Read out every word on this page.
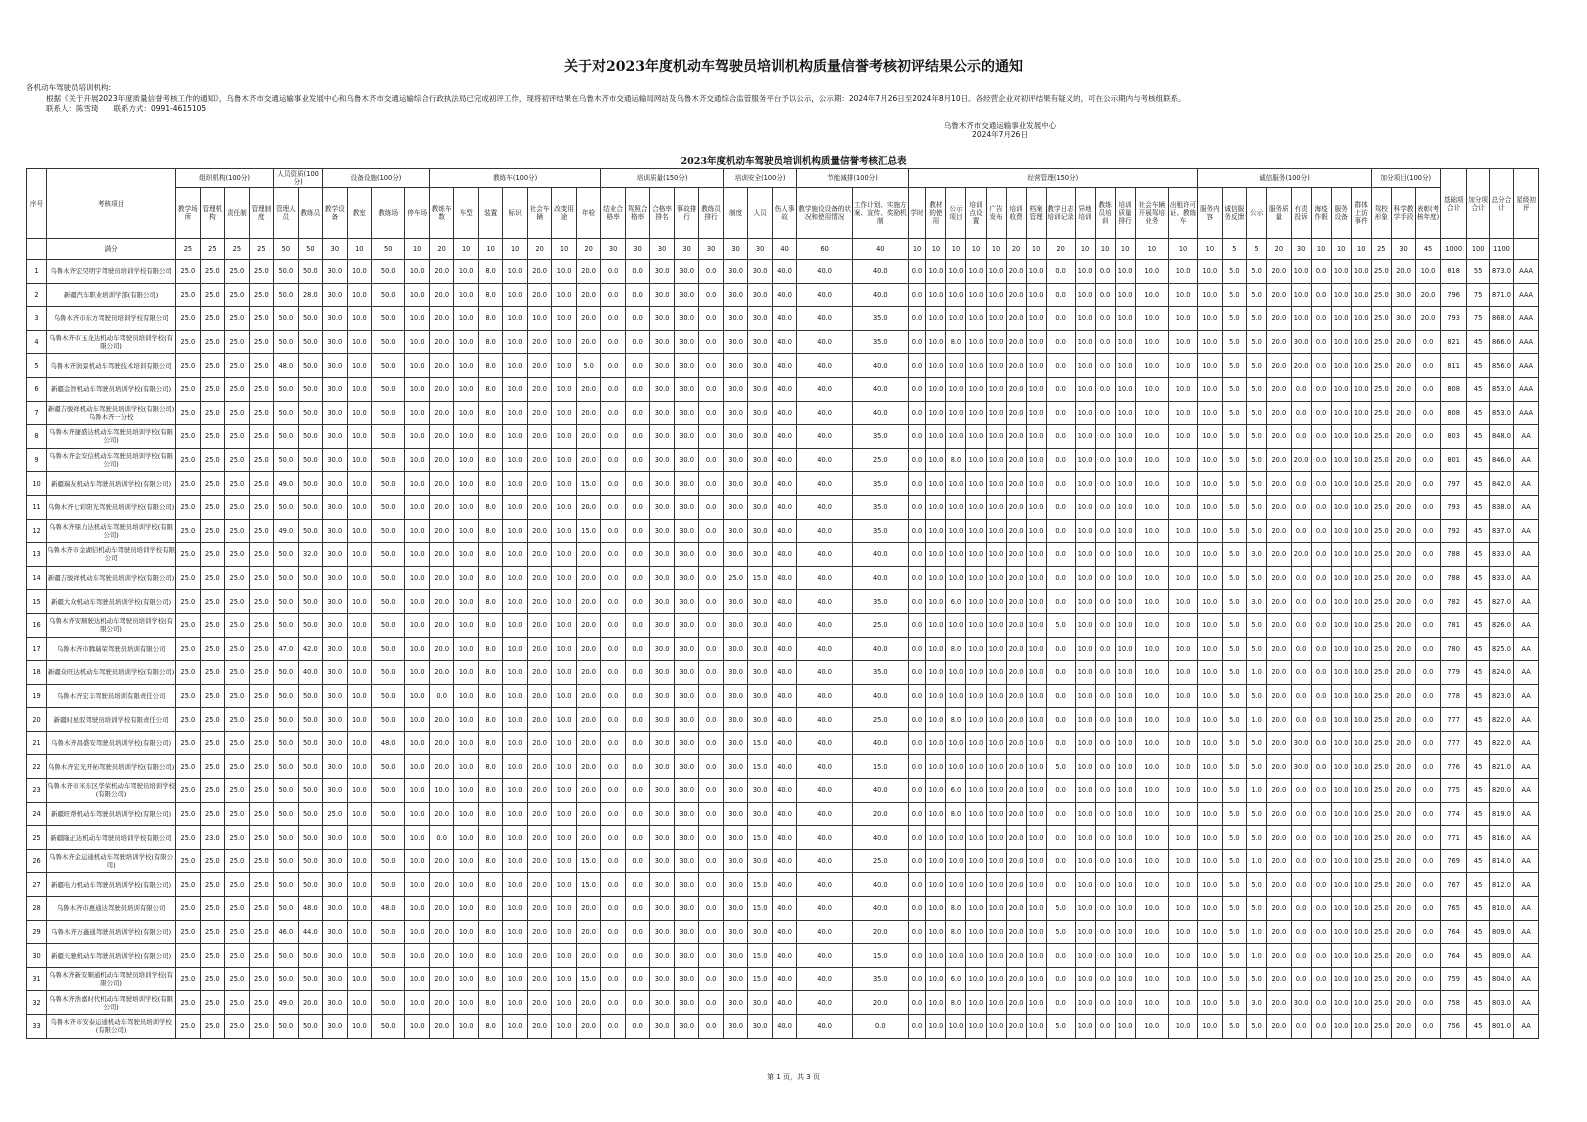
关于对2023年度机动车驾驶员培训机构质量信誉考核初评结果公示的通知
各机动车驾驶员培训机构:
根据《关于开展2023年度质量信誉考核工作的通知》，乌鲁木齐市交通运输事业发展中心和乌鲁木齐市交通运输综合行政执法局已完成初评工作，现将初评结果在乌鲁木齐市交通运输局网站及乌鲁木齐交通综合监管服务平台予以公示，公示期：2024年7月26日至2024年8月10日。各经营企业对初评结果有疑义的，可在公示期内与考核组联系。
联系人：陈雪琦　　联系方式：0991-4615105
乌鲁木齐市交通运输事业发展中心
2024年7月26日
2023年度机动车驾驶员培训机构质量信誉考核汇总表
序号	考核项目	组织机构(100分)				人员资质(100分)		设备设施(100分)				教练车(100分)							培训质量(150分)					培训安全(100分)			节能减排(100分)		经营管理(150分)													诚信服务(100分)								加分项目(100分)			基础项合计	加分项合计	总分合计	星级初评
		教学场所	管理机构	责任制	管理制度	管理人员	教练员	教学设备	教室	教练场	停车场	教练车数	车型	装置	标识	社会车辆	改变用途	年检	结业合格率	驾照合格率	合格率排名	事故排行	教练员排行	制度	人员	伤人事故	教学施设设备的状况和使用情况	工作计划、实施方案、宣传、奖励机制	学时	教材的使用	公示项目	培训点设置	广告发布	培训收费	档案管理	教学日志培训记录	异地培训	教练员培训	培训质量排行	社会车辆开展驾培业务	出租许可证、教练车	服务内容	诚信服务反馈	公示	服务质量	有责投诉	海疫作假	服务设备	群体上访事件	驾校形象	科学教学手段	表彰(考核年度)				
	满分	25	25	25	25	50	50	30	10	50	10	20	10	10	10	20	10	20	30	30	30	30	30	30	30	40	60	40	10	10	10	10	10	20	10	20	10	10	10	10	10	10	5	5	20	30	10	10	10	25	30	45	1000	100	1100	
1	乌鲁木齐宏昊明宇驾驶员培训学校有限公司	25.0	25.0	25.0	25.0	50.0	50.0	30.0	10.0	50.0	10.0	20.0	10.0	8.0	10.0	20.0	10.0	20.0	0.0	0.0	30.0	30.0	0.0	30.0	30.0	40.0	40.0	40.0	0.0	10.0	10.0	10.0	10.0	20.0	10.0	0.0	10.0	0.0	10.0	10.0	10.0	10.0	5.0	5.0	20.0	10.0	0.0	10.0	10.0	25.0	20.0	10.0	818	55	873.0	AAA
2	新疆汽车职业培训学部(有限公司)	25.0	25.0	25.0	25.0	50.0	28.0	30.0	10.0	50.0	10.0	20.0	10.0	8.0	10.0	20.0	10.0	20.0	0.0	0.0	30.0	30.0	0.0	30.0	30.0	40.0	40.0	40.0	0.0	10.0	10.0	10.0	10.0	20.0	10.0	0.0	10.0	0.0	10.0	10.0	10.0	10.0	5.0	5.0	20.0	10.0	0.0	10.0	10.0	25.0	30.0	20.0	796	75	871.0	AAA
3	乌鲁木齐市东方驾驶员培训学校有限公司	25.0	25.0	25.0	25.0	50.0	50.0	30.0	10.0	50.0	10.0	20.0	10.0	8.0	10.0	10.0	10.0	20.0	0.0	0.0	30.0	30.0	0.0	30.0	30.0	40.0	40.0	35.0	0.0	10.0	10.0	10.0	10.0	20.0	10.0	0.0	10.0	0.0	10.0	10.0	10.0	10.0	5.0	5.0	20.0	10.0	0.0	10.0	10.0	25.0	30.0	20.0	793	75	868.0	AAA
4	乌鲁木齐市玉龙达机动车驾驶员培训学校(有限公司)	25.0	25.0	25.0	25.0	50.0	50.0	30.0	10.0	50.0	10.0	20.0	10.0	8.0	10.0	20.0	10.0	20.0	0.0	0.0	30.0	30.0	0.0	30.0	30.0	40.0	40.0	35.0	0.0	10.0	8.0	10.0	10.0	20.0	10.0	0.0	10.0	0.0	10.0	10.0	10.0	10.0	5.0	5.0	20.0	30.0	0.0	10.0	10.0	25.0	20.0	0.0	821	45	866.0	AAA
5	乌鲁木齐润景机动车驾驶技术培训有限公司	25.0	25.0	25.0	25.0	48.0	50.0	30.0	10.0	50.0	10.0	20.0	10.0	8.0	10.0	20.0	10.0	5.0	0.0	0.0	30.0	30.0	0.0	30.0	30.0	40.0	40.0	40.0	0.0	10.0	10.0	10.0	10.0	20.0	10.0	0.0	10.0	0.0	10.0	10.0	10.0	10.0	5.0	5.0	20.0	20.0	0.0	10.0	10.0	25.0	20.0	0.0	811	45	856.0	AAA
6	新疆金智机动车驾驶员培训学校(有限公司)	25.0	25.0	25.0	25.0	50.0	50.0	30.0	10.0	50.0	10.0	20.0	10.0	8.0	10.0	20.0	10.0	20.0	0.0	0.0	30.0	30.0	0.0	30.0	30.0	40.0	40.0	40.0	0.0	10.0	10.0	10.0	10.0	20.0	10.0	0.0	10.0	0.0	10.0	10.0	10.0	10.0	5.0	5.0	20.0	0.0	0.0	10.0	10.0	25.0	20.0	0.0	808	45	853.0	AAA
7	新疆吉骏祥机动车驾驶员培训学校(有限公司)乌鲁木齐一分校	25.0	25.0	25.0	25.0	50.0	50.0	30.0	10.0	50.0	10.0	20.0	10.0	8.0	10.0	20.0	10.0	20.0	0.0	0.0	30.0	30.0	0.0	30.0	30.0	40.0	40.0	40.0	0.0	10.0	10.0	10.0	10.0	20.0	10.0	0.0	10.0	0.0	10.0	10.0	10.0	10.0	5.0	5.0	20.0	0.0	0.0	10.0	10.0	25.0	20.0	0.0	808	45	853.0	AAA
8	乌鲁木齐捷盛达机动车驾驶员培训学校(有限公司)	25.0	25.0	25.0	25.0	50.0	50.0	30.0	10.0	50.0	10.0	20.0	10.0	8.0	10.0	20.0	10.0	20.0	0.0	0.0	30.0	30.0	0.0	30.0	30.0	40.0	40.0	35.0	0.0	10.0	10.0	10.0	10.0	20.0	10.0	0.0	10.0	0.0	10.0	10.0	10.0	10.0	5.0	5.0	20.0	0.0	0.0	10.0	10.0	25.0	20.0	0.0	803	45	848.0	AA
9	乌鲁木齐金安信机动车驾驶员培训学校(有限公司)	25.0	25.0	25.0	25.0	50.0	50.0	30.0	10.0	50.0	10.0	20.0	10.0	8.0	10.0	20.0	10.0	20.0	0.0	0.0	30.0	30.0	0.0	30.0	30.0	40.0	40.0	25.0	0.0	10.0	8.0	10.0	10.0	20.0	10.0	0.0	10.0	0.0	10.0	10.0	10.0	10.0	5.0	5.0	20.0	20.0	0.0	10.0	10.0	25.0	20.0	0.0	801	45	846.0	AA
10	新疆瑞友机动车驾驶员培训学校(有限公司)	25.0	25.0	25.0	25.0	49.0	50.0	30.0	10.0	50.0	10.0	20.0	10.0	8.0	10.0	20.0	10.0	15.0	0.0	0.0	30.0	30.0	0.0	30.0	30.0	40.0	40.0	35.0	0.0	10.0	10.0	10.0	10.0	20.0	10.0	0.0	10.0	0.0	10.0	10.0	10.0	10.0	5.0	5.0	20.0	0.0	0.0	10.0	10.0	25.0	20.0	0.0	797	45	842.0	AA
11	乌鲁木齐七彩阳光驾驶员培训学校(有限公司)	25.0	25.0	25.0	25.0	50.0	50.0	30.0	10.0	50.0	10.0	20.0	10.0	8.0	10.0	20.0	10.0	20.0	0.0	0.0	30.0	30.0	0.0	30.0	30.0	40.0	40.0	35.0	0.0	10.0	10.0	10.0	10.0	20.0	10.0	0.0	10.0	0.0	10.0	10.0	10.0	10.0	5.0	5.0	20.0	0.0	0.0	10.0	10.0	25.0	20.0	0.0	793	45	838.0	AA
12	乌鲁木齐鼎力达机动车驾驶员培训学校(有限公司)	25.0	25.0	25.0	25.0	49.0	50.0	30.0	10.0	50.0	10.0	20.0	10.0	8.0	10.0	20.0	10.0	15.0	0.0	0.0	30.0	30.0	0.0	30.0	30.0	40.0	40.0	35.0	0.0	10.0	10.0	10.0	10.0	20.0	10.0	0.0	10.0	0.0	10.0	10.0	10.0	10.0	5.0	5.0	20.0	0.0	0.0	10.0	10.0	25.0	20.0	0.0	792	45	837.0	AA
13	乌鲁木齐市金湖信机动车驾驶员培训学校有限公司	25.0	25.0	25.0	25.0	50.0	32.0	30.0	10.0	50.0	10.0	20.0	10.0	8.0	10.0	20.0	10.0	20.0	0.0	0.0	30.0	30.0	0.0	30.0	30.0	40.0	40.0	40.0	0.0	10.0	10.0	10.0	10.0	20.0	10.0	0.0	10.0	0.0	10.0	10.0	10.0	10.0	5.0	3.0	20.0	20.0	0.0	10.0	10.0	25.0	20.0	0.0	788	45	833.0	AA
14	新疆吉骏祥机动车驾驶员培训学校(有限公司)	25.0	25.0	25.0	25.0	50.0	50.0	30.0	10.0	50.0	10.0	20.0	10.0	8.0	10.0	20.0	10.0	20.0	0.0	0.0	30.0	30.0	0.0	25.0	15.0	40.0	40.0	40.0	0.0	10.0	10.0	10.0	10.0	20.0	10.0	0.0	10.0	0.0	10.0	10.0	10.0	10.0	5.0	5.0	20.0	0.0	0.0	10.0	10.0	25.0	20.0	0.0	788	45	833.0	AA
15	新疆大众机动车驾驶员培训学校(有限公司)	25.0	25.0	25.0	25.0	50.0	50.0	30.0	10.0	50.0	10.0	20.0	10.0	8.0	10.0	20.0	10.0	20.0	0.0	0.0	30.0	30.0	0.0	30.0	30.0	40.0	40.0	35.0	0.0	10.0	6.0	10.0	10.0	20.0	10.0	0.0	10.0	0.0	10.0	10.0	10.0	10.0	5.0	3.0	20.0	0.0	0.0	10.0	10.0	25.0	20.0	0.0	782	45	827.0	AA
16	乌鲁木齐安顺驶达机动车驾驶员培训学校(有限公司)	25.0	25.0	25.0	25.0	50.0	50.0	30.0	10.0	50.0	10.0	20.0	10.0	8.0	10.0	20.0	10.0	20.0	0.0	0.0	30.0	30.0	0.0	30.0	30.0	40.0	40.0	25.0	0.0	10.0	10.0	10.0	10.0	20.0	10.0	5.0	10.0	0.0	10.0	10.0	10.0	10.0	5.0	5.0	20.0	0.0	0.0	10.0	10.0	25.0	20.0	0.0	781	45	826.0	AA
17	乌鲁木齐市腾瑞荣驾驶员培训有限公司	25.0	25.0	25.0	25.0	47.0	42.0	30.0	10.0	50.0	10.0	20.0	10.0	8.0	10.0	20.0	10.0	20.0	0.0	0.0	30.0	30.0	0.0	30.0	30.0	40.0	40.0	40.0	0.0	10.0	8.0	10.0	10.0	20.0	10.0	0.0	10.0	0.0	10.0	10.0	10.0	10.0	5.0	5.0	20.0	0.0	0.0	10.0	10.0	25.0	20.0	0.0	780	45	825.0	AA
18	新疆众旺达机动车驾驶员培训学校(有限公司)	25.0	25.0	25.0	25.0	50.0	40.0	30.0	10.0	50.0	10.0	20.0	10.0	8.0	10.0	20.0	10.0	20.0	0.0	0.0	30.0	30.0	0.0	30.0	30.0	40.0	40.0	35.0	0.0	10.0	10.0	10.0	10.0	20.0	10.0	0.0	10.0	0.0	10.0	10.0	10.0	10.0	5.0	1.0	20.0	0.0	0.0	10.0	10.0	25.0	20.0	0.0	779	45	824.0	AA
19	乌鲁木齐宏丰驾驶员培训有限责任公司	25.0	25.0	25.0	25.0	50.0	50.0	30.0	10.0	50.0	10.0	0.0	10.0	8.0	10.0	20.0	10.0	20.0	0.0	0.0	30.0	30.0	0.0	30.0	30.0	40.0	40.0	40.0	0.0	10.0	10.0	10.0	10.0	20.0	10.0	0.0	10.0	0.0	10.0	10.0	10.0	10.0	5.0	5.0	20.0	0.0	0.0	10.0	10.0	25.0	20.0	0.0	778	45	823.0	AA
20	新疆时星驭驾驶员培训学校有限责任公司	25.0	25.0	25.0	25.0	50.0	50.0	30.0	10.0	50.0	10.0	20.0	10.0	8.0	10.0	20.0	10.0	20.0	0.0	0.0	30.0	30.0	0.0	30.0	30.0	40.0	40.0	25.0	0.0	10.0	8.0	10.0	10.0	20.0	10.0	0.0	10.0	0.0	10.0	10.0	10.0	10.0	5.0	1.0	20.0	0.0	0.0	10.0	10.0	25.0	20.0	0.0	777	45	822.0	AA
21	乌鲁木齐昌盛安驾驶员培训学校(有限公司)	25.0	25.0	25.0	25.0	50.0	50.0	30.0	10.0	48.0	10.0	20.0	10.0	8.0	10.0	20.0	10.0	20.0	0.0	0.0	30.0	30.0	0.0	30.0	15.0	40.0	40.0	40.0	0.0	10.0	10.0	10.0	10.0	20.0	10.0	0.0	10.0	0.0	10.0	10.0	10.0	10.0	5.0	5.0	20.0	30.0	0.0	10.0	10.0	25.0	20.0	0.0	777	45	822.0	AA
22	乌鲁木齐宏光开拓驾驶员培训学校(有限公司)	25.0	25.0	25.0	25.0	50.0	50.0	30.0	10.0	50.0	10.0	20.0	10.0	8.0	10.0	20.0	10.0	20.0	0.0	0.0	30.0	30.0	0.0	30.0	15.0	40.0	40.0	15.0	0.0	10.0	10.0	10.0	10.0	20.0	10.0	5.0	10.0	0.0	10.0	10.0	10.0	10.0	5.0	5.0	20.0	30.0	0.0	10.0	10.0	25.0	20.0	0.0	776	45	821.0	AA
23	乌鲁木齐市米东区华荣机动车驾驶员培训学校(有限公司)	25.0	25.0	25.0	25.0	50.0	50.0	30.0	10.0	50.0	10.0	10.0	10.0	8.0	10.0	20.0	10.0	20.0	0.0	0.0	30.0	30.0	0.0	30.0	30.0	40.0	40.0	40.0	0.0	10.0	6.0	10.0	10.0	20.0	10.0	0.0	10.0	0.0	10.0	10.0	10.0	10.0	5.0	1.0	20.0	0.0	0.0	10.0	10.0	25.0	20.0	0.0	775	45	820.0	AA
24	新疆旺帮机动车驾驶员培训学校(有限公司)	25.0	25.0	25.0	25.0	50.0	50.0	25.0	10.0	50.0	10.0	20.0	10.0	8.0	10.0	20.0	10.0	20.0	0.0	0.0	30.0	30.0	0.0	30.0	30.0	40.0	40.0	20.0	0.0	10.0	8.0	10.0	10.0	20.0	10.0	0.0	10.0	0.0	10.0	10.0	10.0	10.0	5.0	5.0	20.0	0.0	0.0	10.0	10.0	25.0	20.0	0.0	774	45	819.0	AA
25	新疆隆正达机动车驾驶员培训学校有限公司	25.0	23.0	25.0	25.0	50.0	50.0	30.0	10.0	50.0	10.0	0.0	10.0	8.0	10.0	20.0	10.0	20.0	0.0	0.0	30.0	30.0	0.0	30.0	15.0	40.0	40.0	40.0	0.0	10.0	10.0	10.0	10.0	20.0	10.0	0.0	10.0	0.0	10.0	10.0	10.0	10.0	5.0	5.0	20.0	0.0	0.0	10.0	10.0	25.0	20.0	0.0	771	45	816.0	AA
26	乌鲁木齐金运通机动车驾驶培训学校(有限公司)	25.0	25.0	25.0	25.0	50.0	50.0	30.0	10.0	50.0	10.0	20.0	10.0	8.0	10.0	20.0	10.0	15.0	0.0	0.0	30.0	30.0	0.0	30.0	30.0	40.0	40.0	25.0	0.0	10.0	10.0	10.0	10.0	20.0	10.0	0.0	10.0	0.0	10.0	10.0	10.0	10.0	5.0	1.0	20.0	0.0	0.0	10.0	10.0	25.0	20.0	0.0	769	45	814.0	AA
27	新疆电力机动车驾驶员培训学校(有限公司)	25.0	25.0	25.0	25.0	50.0	50.0	30.0	10.0	50.0	10.0	20.0	10.0	8.0	10.0	20.0	10.0	15.0	0.0	0.0	30.0	30.0	0.0	30.0	15.0	40.0	40.0	40.0	0.0	10.0	10.0	10.0	10.0	20.0	10.0	0.0	10.0	0.0	10.0	10.0	10.0	10.0	5.0	5.0	20.0	0.0	0.0	10.0	10.0	25.0	20.0	0.0	767	45	812.0	AA
28	乌鲁木齐市惠通达驾驶员培训有限公司	25.0	25.0	25.0	25.0	50.0	48.0	30.0	10.0	48.0	10.0	20.0	10.0	8.0	10.0	20.0	10.0	20.0	0.0	0.0	30.0	30.0	0.0	30.0	15.0	40.0	40.0	40.0	0.0	10.0	8.0	10.0	10.0	20.0	10.0	5.0	10.0	0.0	10.0	10.0	10.0	10.0	5.0	5.0	20.0	0.0	0.0	10.0	10.0	25.0	20.0	0.0	765	45	810.0	AA
29	乌鲁木齐万鑫通驾驶员培训学校(有限公司)	25.0	25.0	25.0	25.0	46.0	44.0	30.0	10.0	50.0	10.0	20.0	10.0	8.0	10.0	20.0	10.0	20.0	0.0	0.0	30.0	30.0	0.0	30.0	30.0	40.0	40.0	20.0	0.0	10.0	8.0	10.0	10.0	20.0	10.0	5.0	10.0	0.0	10.0	10.0	10.0	10.0	5.0	1.0	20.0	0.0	0.0	10.0	10.0	25.0	20.0	0.0	764	45	809.0	AA
30	新疆天驰机动车驾驶员培训学校(有限公司)	25.0	25.0	25.0	25.0	50.0	50.0	30.0	10.0	50.0	10.0	20.0	10.0	8.0	10.0	20.0	10.0	20.0	0.0	0.0	30.0	30.0	0.0	30.0	15.0	40.0	40.0	15.0	0.0	10.0	10.0	10.0	10.0	20.0	10.0	0.0	10.0	0.0	10.0	10.0	10.0	10.0	5.0	1.0	20.0	0.0	0.0	10.0	10.0	25.0	20.0	0.0	764	45	809.0	AA
31	乌鲁木齐新安顺通机动车驾驶员培训学校(有限公司)	25.0	25.0	25.0	25.0	50.0	50.0	30.0	10.0	50.0	10.0	20.0	10.0	8.0	10.0	20.0	10.0	15.0	0.0	0.0	30.0	30.0	0.0	30.0	15.0	40.0	40.0	35.0	0.0	10.0	6.0	10.0	10.0	20.0	10.0	0.0	10.0	0.0	10.0	10.0	10.0	10.0	5.0	5.0	20.0	0.0	0.0	10.0	10.0	25.0	20.0	0.0	759	45	804.0	AA
32	乌鲁木齐浩嘉时代机动车驾驶培训学校(有限公司)	25.0	25.0	25.0	25.0	49.0	20.0	30.0	10.0	50.0	10.0	20.0	10.0	8.0	10.0	20.0	10.0	20.0	0.0	0.0	30.0	30.0	0.0	30.0	30.0	40.0	40.0	20.0	0.0	10.0	8.0	10.0	10.0	20.0	10.0	0.0	10.0	0.0	10.0	10.0	10.0	10.0	5.0	3.0	20.0	30.0	0.0	10.0	10.0	25.0	20.0	0.0	758	45	803.0	AA
33	乌鲁木齐市安泰运通机动车驾驶员培训学校(有限公司)	25.0	25.0	25.0	25.0	50.0	50.0	30.0	10.0	50.0	10.0	20.0	10.0	8.0	10.0	20.0	10.0	20.0	0.0	0.0	30.0	30.0	0.0	30.0	30.0	40.0	40.0	0.0	0.0	10.0	10.0	10.0	10.0	20.0	10.0	5.0	10.0	0.0	10.0	10.0	10.0	10.0	5.0	5.0	20.0	0.0	0.0	10.0	10.0	25.0	20.0	0.0	756	45	801.0	AA
第 1 页，共 3 页
